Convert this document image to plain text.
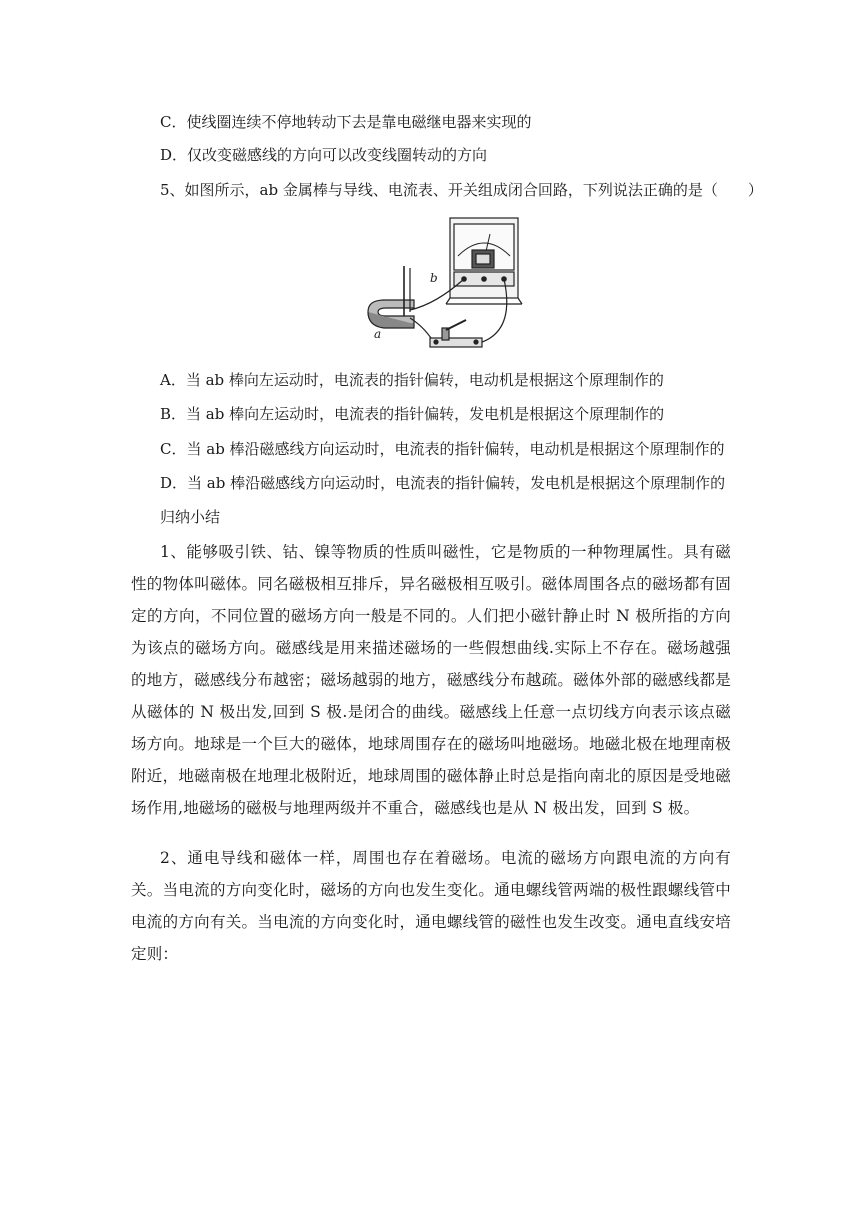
C．使线圈连续不停地转动下去是靠电磁继电器来实现的
D．仅改变磁感线的方向可以改变线圈转动的方向
5、如图所示，ab 金属棒与导线、电流表、开关组成闭合回路，下列说法正确的是（　　）
b
a
A．当 ab 棒向左运动时，电流表的指针偏转，电动机是根据这个原理制作的
B．当 ab 棒向左运动时，电流表的指针偏转，发电机是根据这个原理制作的
C．当 ab 棒沿磁感线方向运动时，电流表的指针偏转，电动机是根据这个原理制作的
D．当 ab 棒沿磁感线方向运动时，电流表的指针偏转，发电机是根据这个原理制作的
归纳小结
1、能够吸引铁、钴、镍等物质的性质叫磁性，它是物质的一种物理属性。具有磁性的物体叫磁体。同名磁极相互排斥，异名磁极相互吸引。磁体周围各点的磁场都有固定的方向，不同位置的磁场方向一般是不同的。人们把小磁针静止时 N 极所指的方向为该点的磁场方向。磁感线是用来描述磁场的一些假想曲线.实际上不存在。磁场越强的地方，磁感线分布越密；磁场越弱的地方，磁感线分布越疏。磁体外部的磁感线都是从磁体的 N 极出发,回到 S 极.是闭合的曲线。磁感线上任意一点切线方向表示该点磁场方向。地球是一个巨大的磁体，地球周围存在的磁场叫地磁场。地磁北极在地理南极附近，地磁南极在地理北极附近，地球周围的磁体静止时总是指向南北的原因是受地磁场作用,地磁场的磁极与地理两级并不重合，磁感线也是从 N 极出发，回到 S 极。
2、通电导线和磁体一样，周围也存在着磁场。电流的磁场方向跟电流的方向有关。当电流的方向变化时，磁场的方向也发生变化。通电螺线管两端的极性跟螺线管中电流的方向有关。当电流的方向变化时，通电螺线管的磁性也发生改变。通电直线安培定则：
